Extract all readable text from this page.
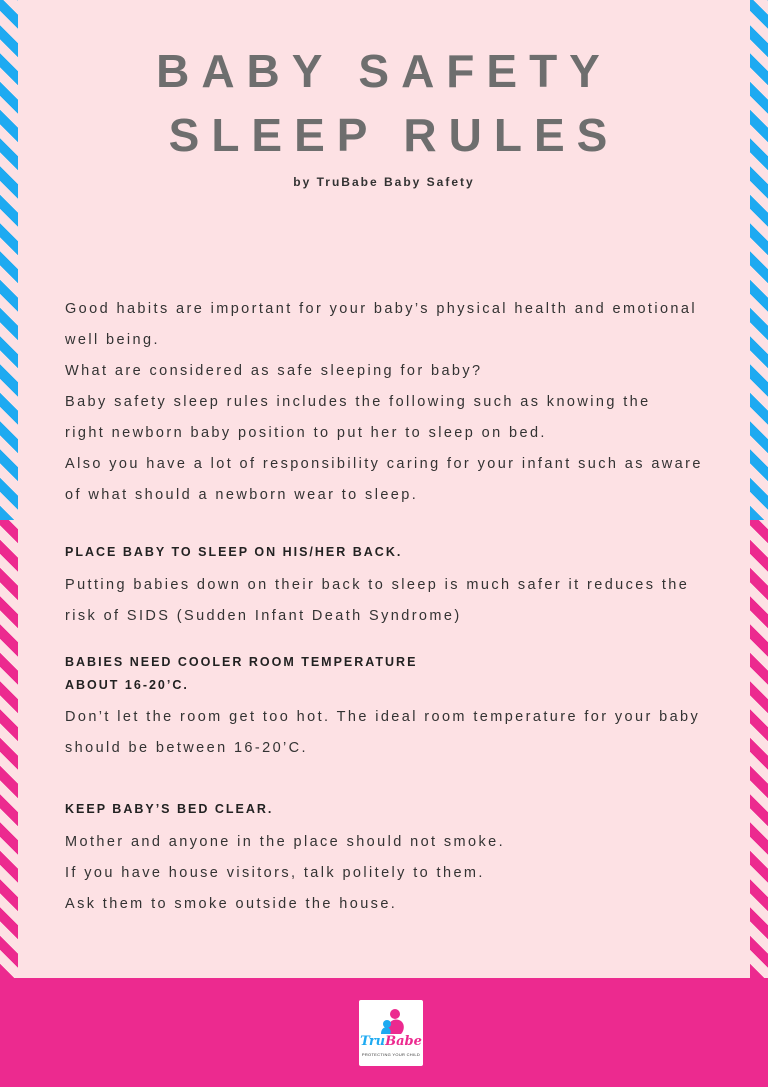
BABY SAFETY
SLEEP RULES
by TruBabe Baby Safety

Good habits are important for your baby’s physical health and emotional

well being.

What are considered as safe sleeping for baby?

Baby safety sleep rules includes the following such as knowing the

right newborn baby position to put her to sleep on bed.

Also you have a lot of responsibility caring for your infant such as aware

of what should a newborn wear to sleep.

PLACE BABY TO SLEEP ON HIS/HER BACK.

Putting babies down on their back to sleep is much safer it reduces the

risk of SIDS (Sudden Infant Death Syndrome)

BABIES NEED COOLER ROOM TEMPERATURE

ABOUT 16-20’C.

Don’t let the room get too hot. The ideal room temperature for your baby

should be between 16-20’C.

KEEP BABY’S BED CLEAR.

Mother and anyone in the place should not smoke.

If you have house visitors, talk politely to them.

Ask them to smoke outside the house.

TruBabe
PROTECTING YOUR CHILD
